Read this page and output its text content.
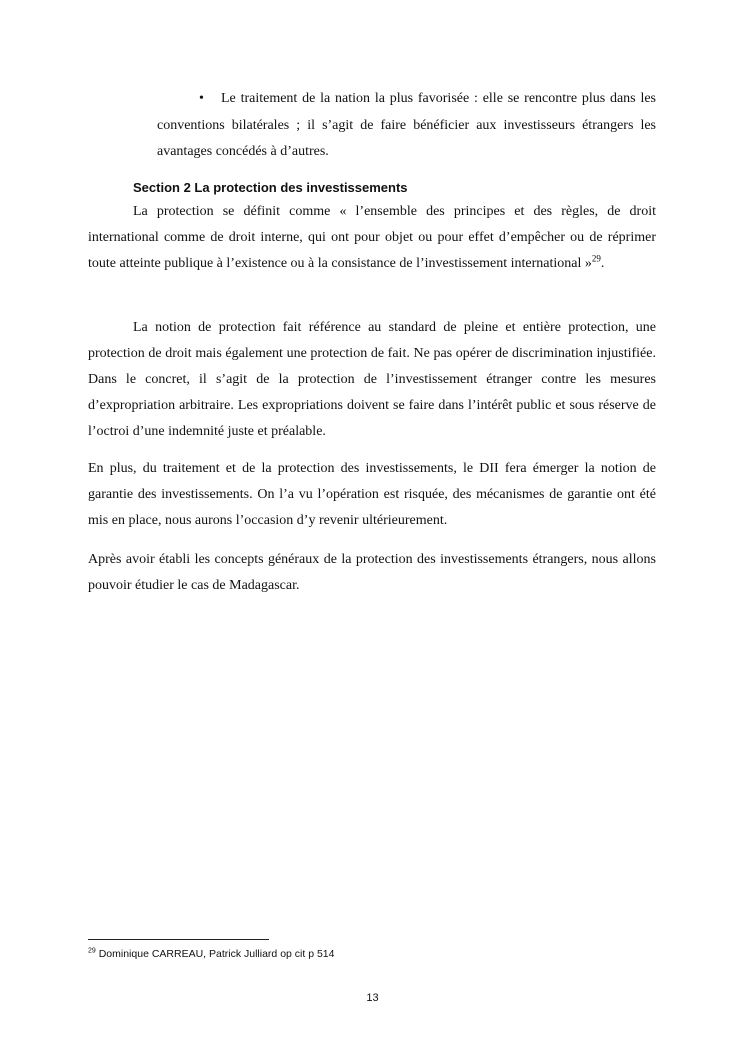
• Le traitement de la nation la plus favorisée : elle se rencontre plus dans les conventions bilatérales ; il s’agit de faire bénéficier aux investisseurs étrangers les avantages concédés à d’autres.

Section 2 La protection des investissements

La protection se définit comme « l’ensemble des principes et des règles, de droit international comme de droit interne, qui ont pour objet ou pour effet d’empêcher ou de réprimer toute atteinte publique à l’existence ou à la consistance de l’investissement international »$^{29}$.

La notion de protection fait référence au standard de pleine et entière protection, une protection de droit mais également une protection de fait. Ne pas opérer de discrimination injustifiée. Dans le concret, il s’agit de la protection de l’investissement étranger contre les mesures d’expropriation arbitraire. Les expropriations doivent se faire dans l’intérêt public et sous réserve de l’octroi d’une indemnité juste et préalable.

En plus, du traitement et de la protection des investissements, le DII fera émerger la notion de garantie des investissements. On l’a vu l’opération est risquée, des mécanismes de garantie ont été mis en place, nous aurons l’occasion d’y revenir ultérieurement.

Après avoir établi les concepts généraux de la protection des investissements étrangers, nous allons pouvoir étudier le cas de Madagascar.

$^{29}$ Dominique CARREAU, Patrick Julliard op cit p 514

13
